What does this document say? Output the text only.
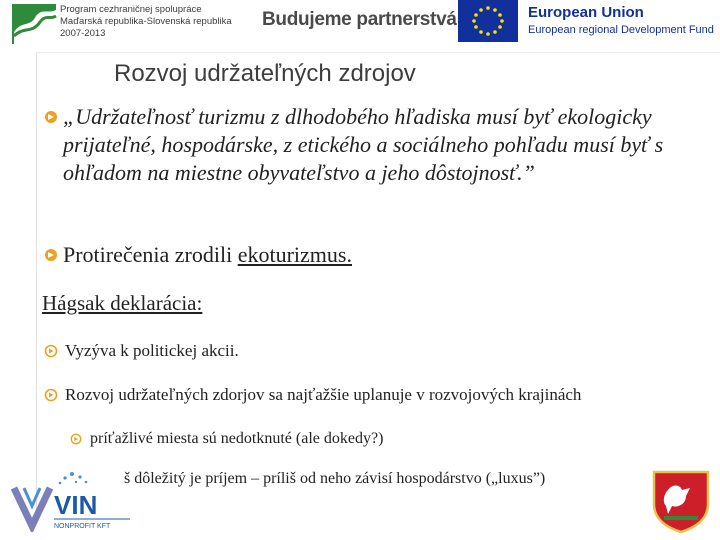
Program cezhraničnej spolupráce
Maďarská republika-Slovenská republika
2007-2013
Budujeme partnerstvá	European Union
European regional Development Fund
Rozvoj udržateľných zdrojov
„Udržateľnosť turizmu z dlhodobého hľadiska musí byť ekologicky prijateľné, hospodárske, z etického a sociálneho pohľadu musí byť s ohľadom na miestne obyvateľstvo a jeho dôstojnosť.”
Protirečenia zrodili ekoturizmus.
Hágsak deklarácia:
Vyzýva k politickej akcii.
Rozvoj udržateľných zdorjov sa najťažšie uplanuje v rozvojových krajinách
príťažlivé miesta sú nedotknuté (ale dokedy?)
š dôležitý je príjem – príliš od neho závisí hospodárstvo („luxus”)
VIN
NONPROFIT KFT
